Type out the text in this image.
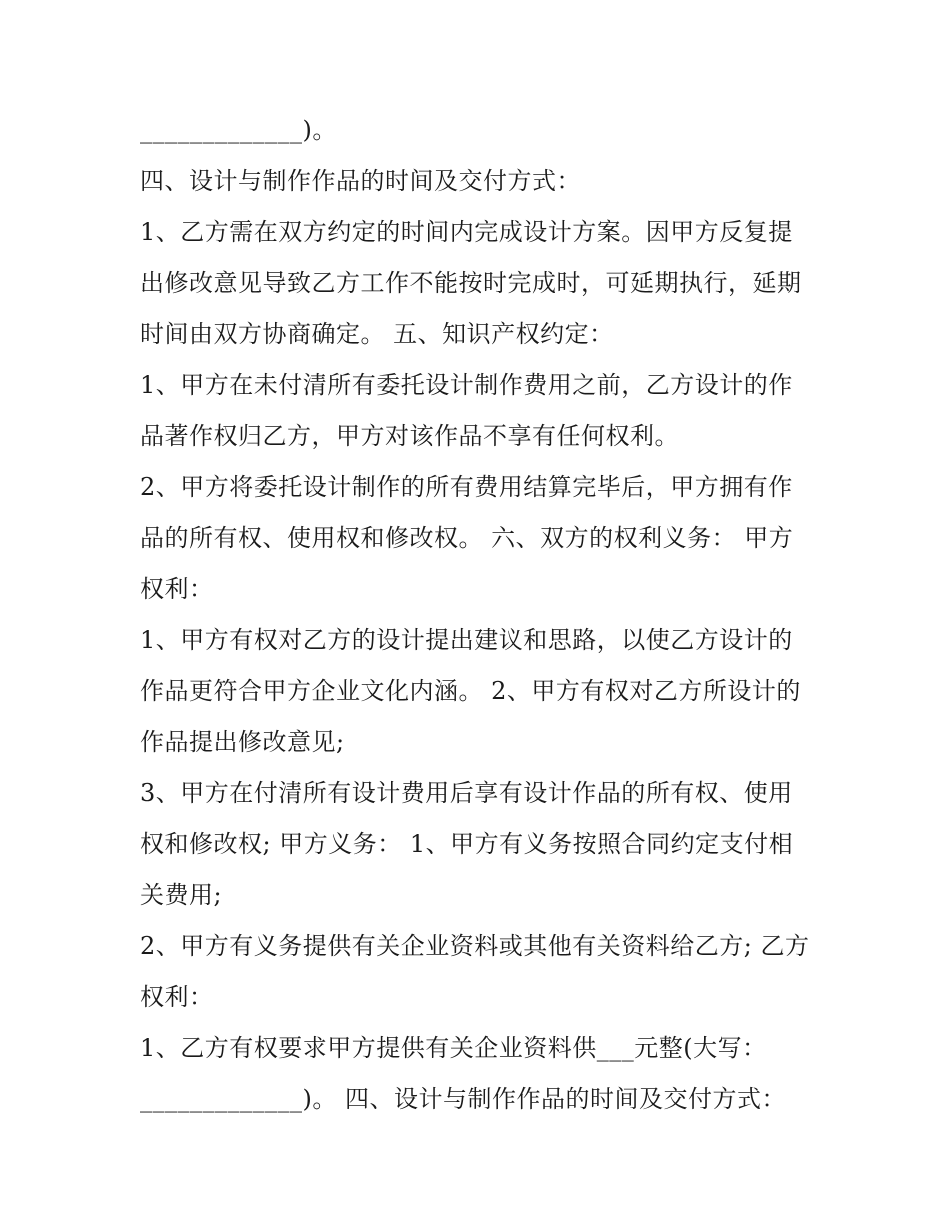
_____________)。
四、设计与制作作品的时间及交付方式：
1、乙方需在双方约定的时间内完成设计方案。因甲方反复提
出修改意见导致乙方工作不能按时完成时，可延期执行，延期
时间由双方协商确定。 五、知识产权约定：
1、甲方在未付清所有委托设计制作费用之前，乙方设计的作
品著作权归乙方，甲方对该作品不享有任何权利。
2、甲方将委托设计制作的所有费用结算完毕后，甲方拥有作
品的所有权、使用权和修改权。 六、双方的权利义务： 甲方
权利：
1、甲方有权对乙方的设计提出建议和思路，以使乙方设计的
作品更符合甲方企业文化内涵。 2、甲方有权对乙方所设计的
作品提出修改意见;
3、甲方在付清所有设计费用后享有设计作品的所有权、使用
权和修改权; 甲方义务： 1、甲方有义务按照合同约定支付相
关费用;
2、甲方有义务提供有关企业资料或其他有关资料给乙方; 乙方
权利：
1、乙方有权要求甲方提供有关企业资料供___元整(大写：
_____________)。 四、设计与制作作品的时间及交付方式：
